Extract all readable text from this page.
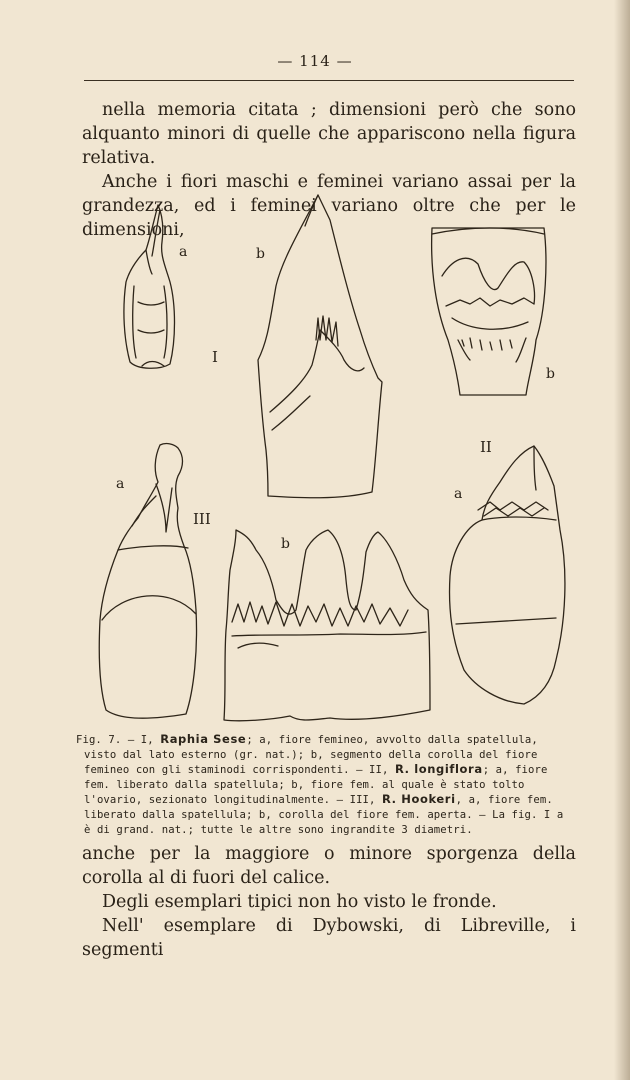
— 114 —

nella memoria citata ; dimensioni però che sono alquanto minori di quelle che appariscono nella figura relativa.

Anche i fiori maschi e feminei variano assai per la grandezza, ed i feminei variano oltre che per le dimensioni,

a	b
I
b
II
a
a
III
b
Fig. 7. — I, Raphia Sese; a, fiore femineo, avvolto dalla spatellula, visto dal lato esterno (gr. nat.); b, segmento della corolla del fiore femineo con gli staminodi corrispondenti. — II, R. longiflora; a, fiore fem. liberato dalla spatellula; b, fiore fem. al quale è stato tolto l'ovario, sezionato longitudinalmente. — III, R. Hookeri, a, fiore fem. liberato dalla spatellula; b, corolla del fiore fem. aperta. — La fig. I a è di grand. nat.; tutte le altre sono ingrandite 3 diametri.

anche per la maggiore o minore sporgenza della corolla al di fuori del calice.

Degli esemplari tipici non ho visto le fronde.

Nell' esemplare di Dybowski, di Libreville, i segmenti
